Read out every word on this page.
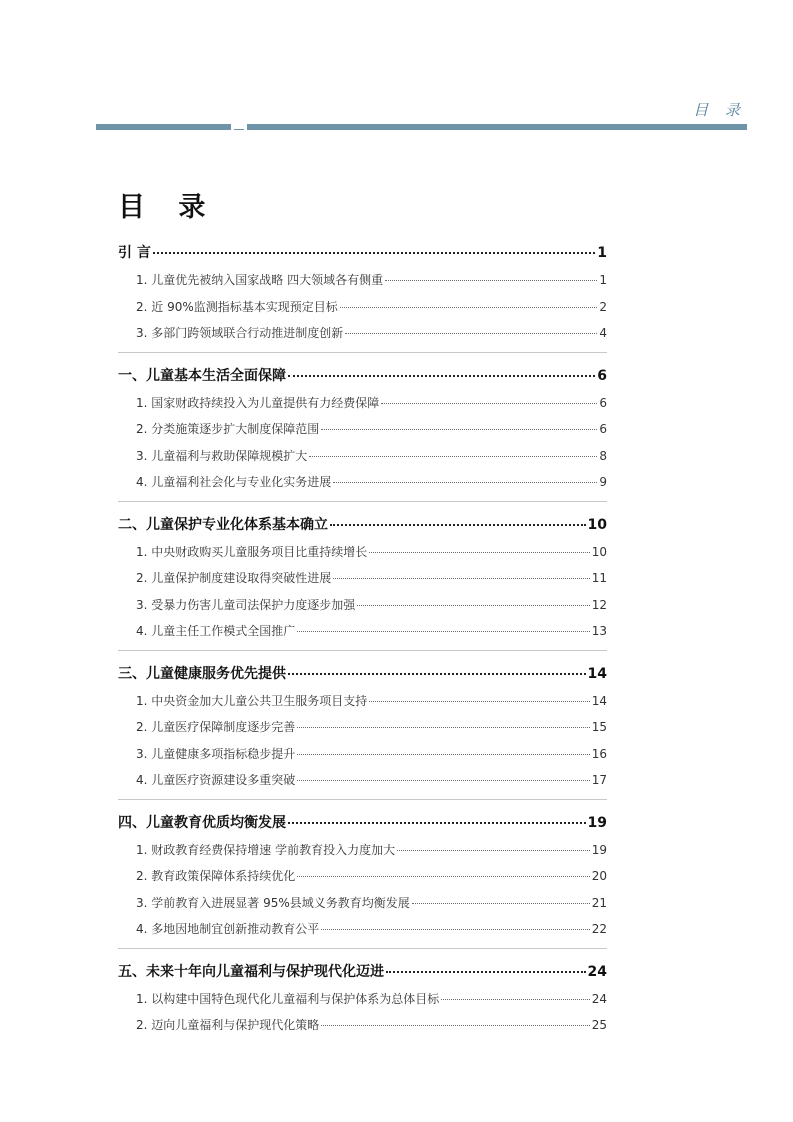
目 录
目 录
引 言	1
1. 儿童优先被纳入国家战略 四大领域各有侧重	1
2. 近 90%监测指标基本实现预定目标	2
3. 多部门跨领域联合行动推进制度创新	4
一、儿童基本生活全面保障	6
1. 国家财政持续投入为儿童提供有力经费保障	6
2. 分类施策逐步扩大制度保障范围	6
3. 儿童福利与救助保障规模扩大	8
4. 儿童福利社会化与专业化实务进展	9
二、儿童保护专业化体系基本确立	10
1. 中央财政购买儿童服务项目比重持续增长	10
2. 儿童保护制度建设取得突破性进展	11
3. 受暴力伤害儿童司法保护力度逐步加强	12
4. 儿童主任工作模式全国推广	13
三、儿童健康服务优先提供	14
1. 中央资金加大儿童公共卫生服务项目支持	14
2. 儿童医疗保障制度逐步完善	15
3. 儿童健康多项指标稳步提升	16
4. 儿童医疗资源建设多重突破	17
四、儿童教育优质均衡发展	19
1. 财政教育经费保持增速 学前教育投入力度加大	19
2. 教育政策保障体系持续优化	20
3. 学前教育入进展显著 95%县域义务教育均衡发展	21
4. 多地因地制宜创新推动教育公平	22
五、未来十年向儿童福利与保护现代化迈进	24
1. 以构建中国特色现代化儿童福利与保护体系为总体目标	24
2. 迈向儿童福利与保护现代化策略	25
